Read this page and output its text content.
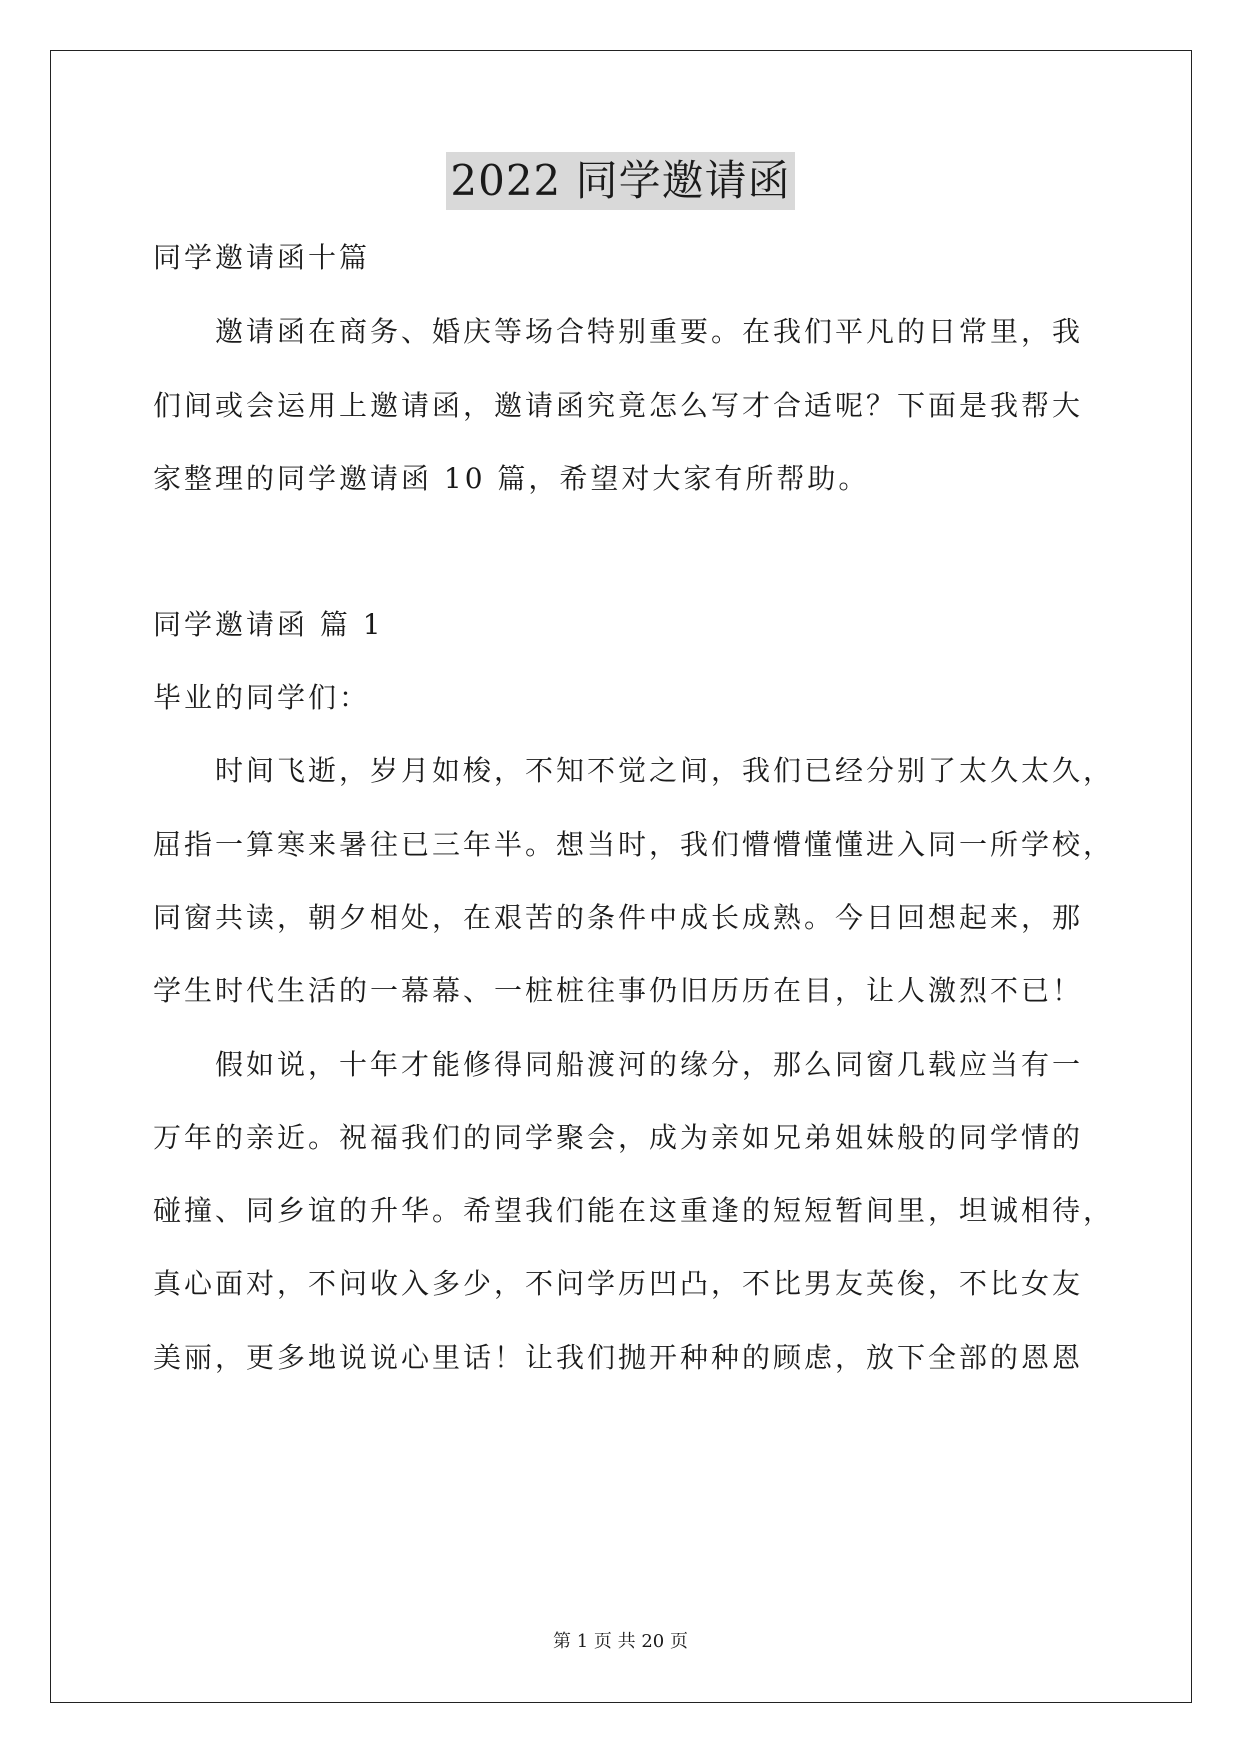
2022 同学邀请函
同学邀请函十篇
邀请函在商务、婚庆等场合特别重要。在我们平凡的日常里，我
们间或会运用上邀请函，邀请函究竟怎么写才合适呢？下面是我帮大
家整理的同学邀请函 10 篇，希望对大家有所帮助。
同学邀请函 篇 1
毕业的同学们：
时间飞逝，岁月如梭，不知不觉之间，我们已经分别了太久太久，
屈指一算寒来暑往已三年半。想当时，我们懵懵懂懂进入同一所学校，
同窗共读，朝夕相处，在艰苦的条件中成长成熟。今日回想起来，那
学生时代生活的一幕幕、一桩桩往事仍旧历历在目，让人激烈不已！
假如说，十年才能修得同船渡河的缘分，那么同窗几载应当有一
万年的亲近。祝福我们的同学聚会，成为亲如兄弟姐妹般的同学情的
碰撞、同乡谊的升华。希望我们能在这重逢的短短暂间里，坦诚相待，
真心面对，不问收入多少，不问学历凹凸，不比男友英俊，不比女友
美丽，更多地说说心里话！让我们抛开种种的顾虑，放下全部的恩恩
第 1 页 共 20 页
